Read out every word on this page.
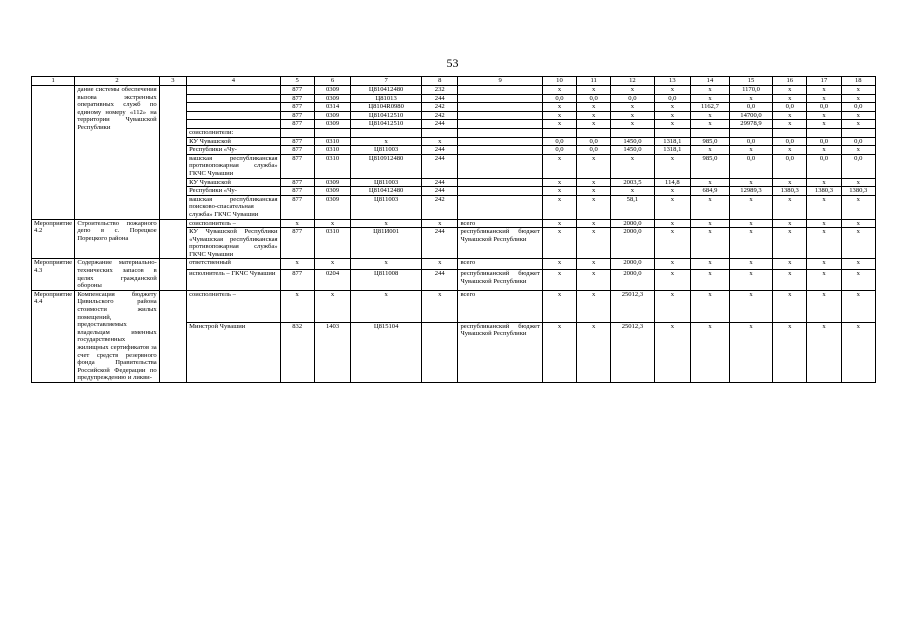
53
1	2	3	4	5	6	7	8	9	10	11	12	13	14	15	16	17	18
	дание системы обеспечения вызова экстренных оперативных служб по единому номеру «112» на территории Чувашской Республики			877	0309	Ц810412480	232		x	x	x	x	x	1170,0	x	x	x
				877	0309	Ц81013	244		0,0	0,0	0,0	0,0	x	x	x	x	x
				877	0314	Ц8104R0980	242		x	x	x	x	1162,7	0,0	0,0	0,0	0,0
				877	0309	Ц810412510	242		x	x	x	x	x	14700,0	x	x	x
				877	0309	Ц810412510	244		x	x	x	x	x	29978,9	x	x	x
			соисполнители:														
			КУ Чувашской	877	0310	x	x		0,0	0,0	1450,0	1318,1	985,0	0,0	0,0	0,0	0,0
			Республики «Чу-	877	0310	Ц811003	244		0,0	0,0	1450,0	1318,1	x	x	x	x	x
			вашская республиканская противопожарная служба» ГКЧС Чувашии	877	0310	Ц810912480	244		x	x	x	x	985,0	0,0	0,0	0,0	0,0
			КУ Чувашской	877	0309	Ц811003	244		x	x	2003,5	114,8	x	x	x	x	x
			Республики «Чу-	877	0309	Ц810412480	244		x	x	x	x	684,9	12989,3	1380,3	1380,3	1380,3
			вашская республиканская поисково-спасательная служба» ГКЧС Чувашии	877	0309	Ц811003	242		x	x	58,1	x	x	x	x	x	x
Мероприятие 4.2	Строительство пожарного депо в с. Порецкое Порецкого района		соисполнитель –	x	x	x	x	всего	x	x	2000,0	x	x	x	x	x	x
			КУ Чувашской Республики «Чувашская республиканская противопожарная служба» ГКЧС Чувашии	877	0310	Ц81И001	244	республиканский бюджет Чувашской Республики	x	x	2000,0	x	x	x	x	x	x
Мероприятие 4.3	Содержание материально-технических запасов в целях гражданской обороны		ответственный	x	x	x	x	всего	x	x	2000,0	x	x	x	x	x	x
			исполнитель – ГКЧС Чувашии	877	0204	Ц811008	244	республиканский бюджет Чувашской Республики	x	x	2000,0	x	x	x	x	x	x
Мероприятие 4.4	Компенсация бюджету Цивильского района стоимости жилых помещений, предоставляемых владельцам именных государственных жилищных сертификатов за счет средств резервного фонда Правительства Российской Федерации по предупреждению и ликви-		соисполнитель –	x	x	x	x	всего	x	x	25012,3	x	x	x	x	x	x
			Минстрой Чувашии	832	1403	Ц815104		республиканский бюджет Чувашской Республики	x	x	25012,3	x	x	x	x	x	x
